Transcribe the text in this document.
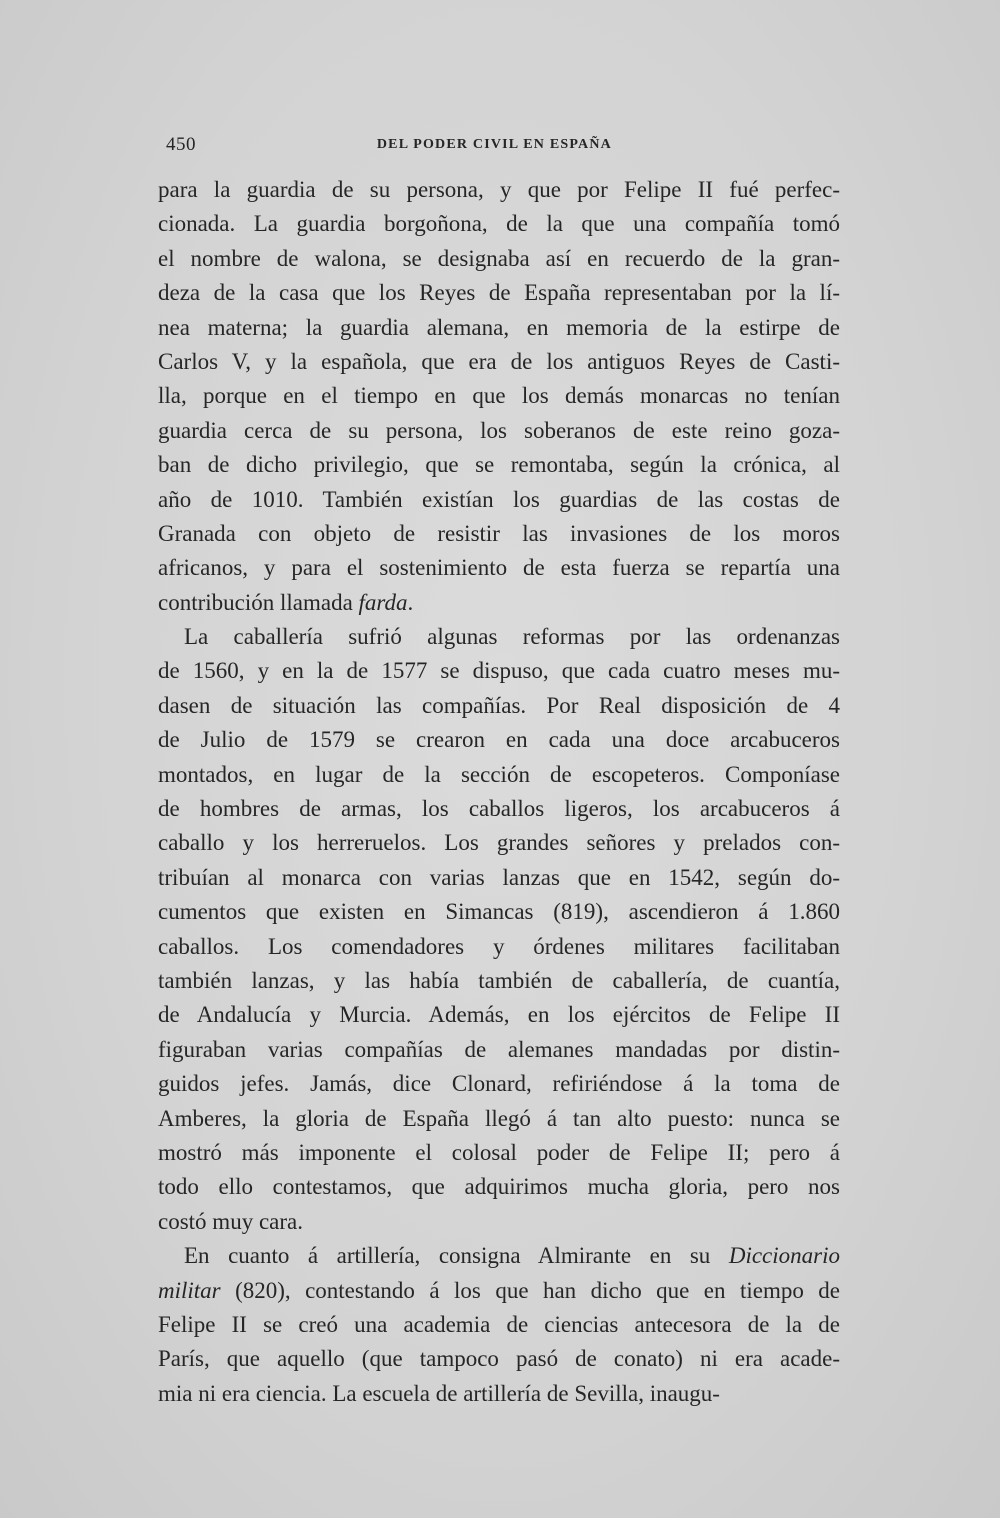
450	DEL PODER CIVIL EN ESPAÑA
para la guardia de su persona, y que por Felipe II fué perfec-
cionada. La guardia borgoñona, de la que una compañía tomó
el nombre de walona, se designaba así en recuerdo de la gran-
deza de la casa que los Reyes de España representaban por la lí-
nea materna; la guardia alemana, en memoria de la estirpe de
Carlos V, y la española, que era de los antiguos Reyes de Casti-
lla, porque en el tiempo en que los demás monarcas no tenían
guardia cerca de su persona, los soberanos de este reino goza-
ban de dicho privilegio, que se remontaba, según la crónica, al
año de 1010. También existían los guardias de las costas de
Granada con objeto de resistir las invasiones de los moros
africanos, y para el sostenimiento de esta fuerza se repartía una
contribución llamada farda.
La caballería sufrió algunas reformas por las ordenanzas
de 1560, y en la de 1577 se dispuso, que cada cuatro meses mu-
dasen de situación las compañías. Por Real disposición de 4
de Julio de 1579 se crearon en cada una doce arcabuceros
montados, en lugar de la sección de escopeteros. Componíase
de hombres de armas, los caballos ligeros, los arcabuceros á
caballo y los herreruelos. Los grandes señores y prelados con-
tribuían al monarca con varias lanzas que en 1542, según do-
cumentos que existen en Simancas (819), ascendieron á 1.860
caballos. Los comendadores y órdenes militares facilitaban
también lanzas, y las había también de caballería, de cuantía,
de Andalucía y Murcia. Además, en los ejércitos de Felipe II
figuraban varias compañías de alemanes mandadas por distin-
guidos jefes. Jamás, dice Clonard, refiriéndose á la toma de
Amberes, la gloria de España llegó á tan alto puesto: nunca se
mostró más imponente el colosal poder de Felipe II; pero á
todo ello contestamos, que adquirimos mucha gloria, pero nos
costó muy cara.
En cuanto á artillería, consigna Almirante en su Diccionario
militar (820), contestando á los que han dicho que en tiempo de
Felipe II se creó una academia de ciencias antecesora de la de
París, que aquello (que tampoco pasó de conato) ni era acade-
mia ni era ciencia. La escuela de artillería de Sevilla, inaugu-
